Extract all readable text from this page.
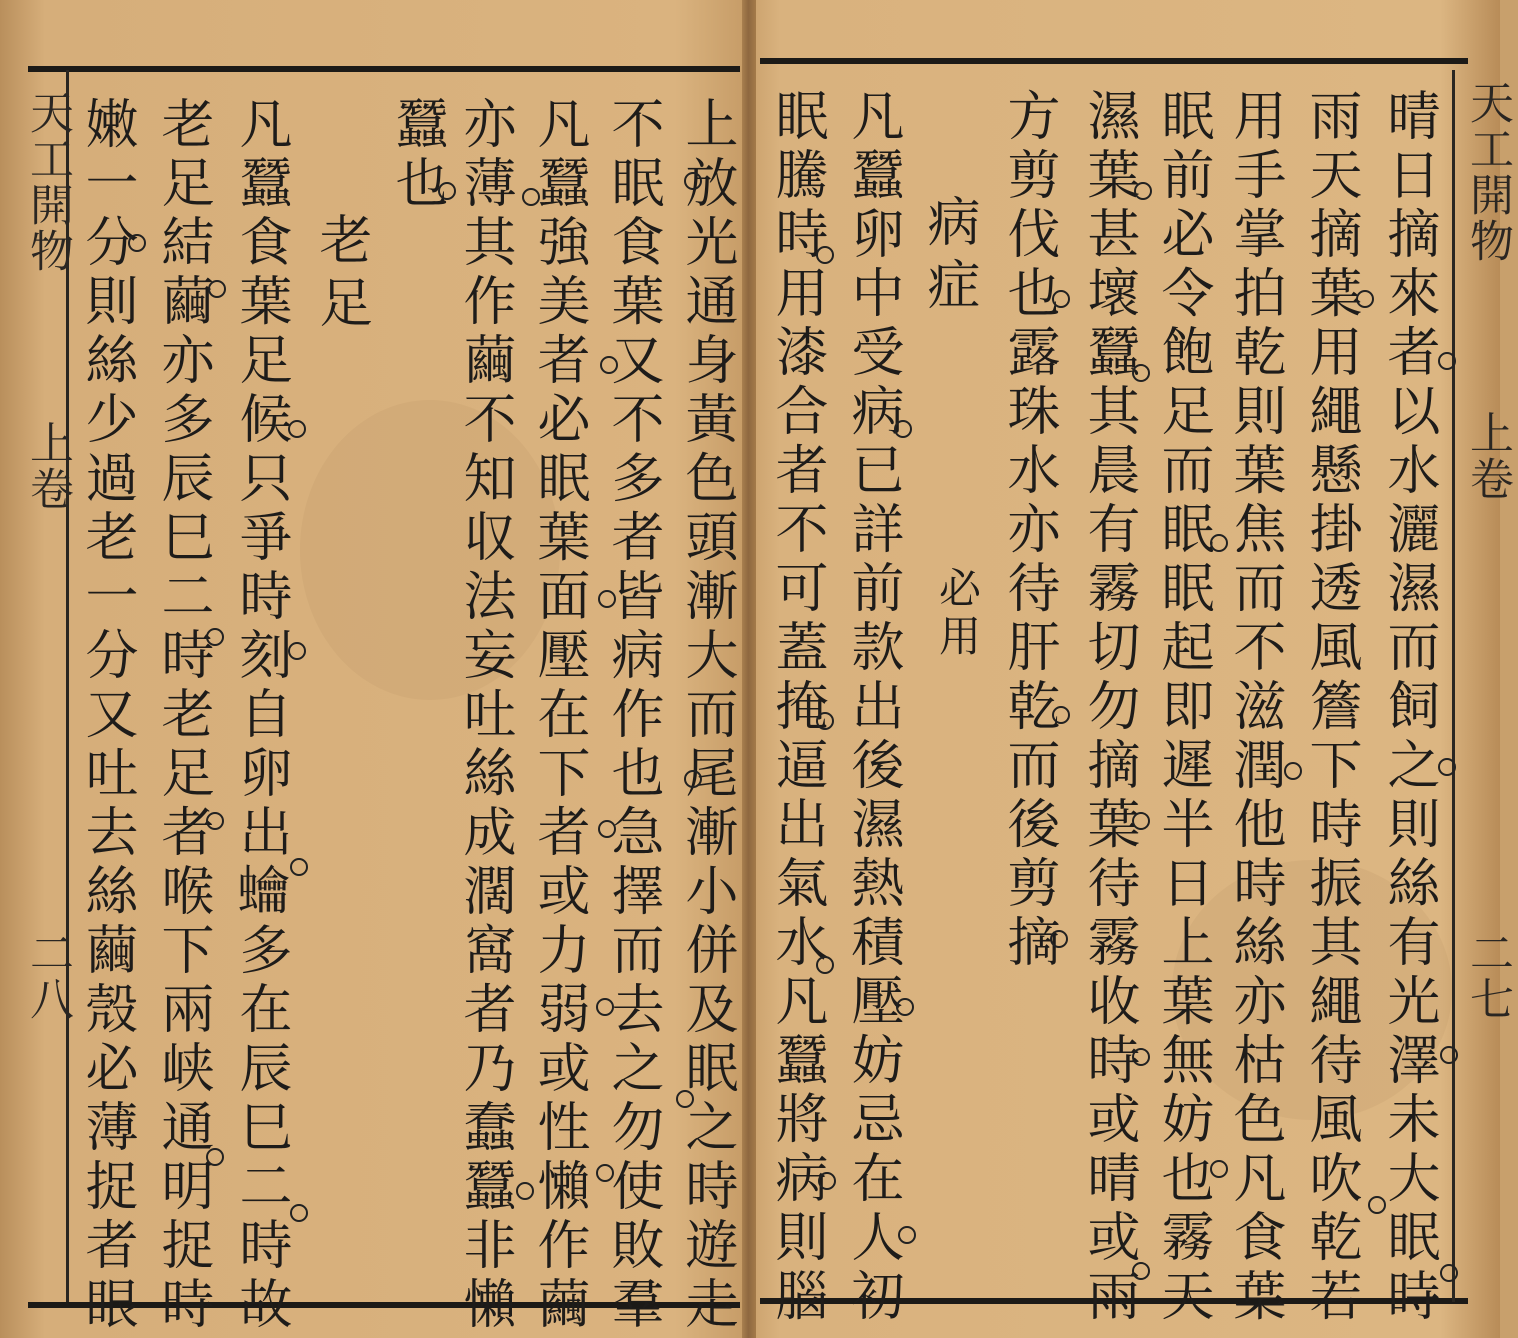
天工開物
上卷
二八	上放光通身黃色頭漸大而尾漸小併及眠之時遊走
不眠食葉又不多者皆病作也急擇而去之勿使敗羣
凡蠶強美者必眠葉面壓在下者或力弱或性懶作繭
亦薄其作繭不知収法妄吐絲成濶窩者乃蠢蠶非懶
蠶也
老足
凡蠶食葉足候只爭時刻自卵出𧕋多在辰巳二時故
老足結繭亦多辰巳二時老足者喉下兩峡通明捉時
嫩一分則絲少過老一分又吐去絲繭殼必薄捉者眼	天工開物
上卷
二七
晴日摘來者以水灑濕而飼之則絲有光澤未大眠時
雨天摘葉用繩懸掛透風簷下時振其繩待風吹乾若
用手掌拍乾則葉焦而不滋潤他時絲亦枯色凡食葉
眠前必令飽足而眠眠起即遲半日上葉無妨也霧天
濕葉甚壞蠶其晨有霧切勿摘葉待霧收時或晴或雨
方剪伐也露珠水亦待肝乾而後剪摘
病症
必用
凡蠶卵中受病已詳前款出後濕熱積壓妨忌在人初
眠騰時用漆合者不可蓋掩逼出氣水凡蠶將病則腦
